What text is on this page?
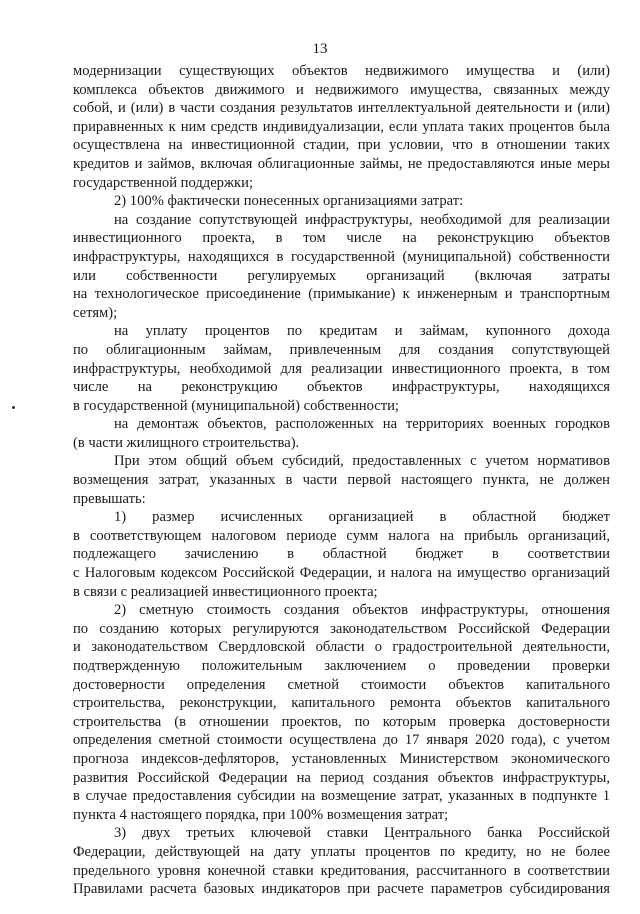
13
модернизации существующих объектов недвижимого имущества и (или)
комплекса объектов движимого и недвижимого имущества, связанных между
собой, и (или) в части создания результатов интеллектуальной деятельности и (или)
приравненных к ним средств индивидуализации, если уплата таких процентов была
осуществлена на инвестиционной стадии, при условии, что в отношении таких
кредитов и займов, включая облигационные займы, не предоставляются иные меры
государственной поддержки;
2) 100% фактически понесенных организациями затрат:
на создание сопутствующей инфраструктуры, необходимой для реализации
инвестиционного проекта, в том числе на реконструкцию объектов
инфраструктуры, находящихся в государственной (муниципальной) собственности
или собственности регулируемых организаций (включая затраты
на технологическое присоединение (примыкание) к инженерным и транспортным
сетям);
на уплату процентов по кредитам и займам, купонного дохода
по облигационным займам, привлеченным для создания сопутствующей
инфраструктуры, необходимой для реализации инвестиционного проекта, в том
числе на реконструкцию объектов инфраструктуры, находящихся
в государственной (муниципальной) собственности;
на демонтаж объектов, расположенных на территориях военных городков
(в части жилищного строительства).
При этом общий объем субсидий, предоставленных с учетом нормативов
возмещения затрат, указанных в части первой настоящего пункта, не должен
превышать:
1) размер исчисленных организацией в областной бюджет
в соответствующем налоговом периоде сумм налога на прибыль организаций,
подлежащего зачислению в областной бюджет в соответствии
с Налоговым кодексом Российской Федерации, и налога на имущество организаций
в связи с реализацией инвестиционного проекта;
2) сметную стоимость создания объектов инфраструктуры, отношения
по созданию которых регулируются законодательством Российской Федерации
и законодательством Свердловской области о градостроительной деятельности,
подтвержденную положительным заключением о проведении проверки
достоверности определения сметной стоимости объектов капитального
строительства, реконструкции, капитального ремонта объектов капитального
строительства (в отношении проектов, по которым проверка достоверности
определения сметной стоимости осуществлена до 17 января 2020 года), с учетом
прогноза индексов-дефляторов, установленных Министерством экономического
развития Российской Федерации на период создания объектов инфраструктуры,
в случае предоставления субсидии на возмещение затрат, указанных в подпункте 1
пункта 4 настоящего порядка, при 100% возмещения затрат;
3) двух третьих ключевой ставки Центрального банка Российской
Федерации, действующей на дату уплаты процентов по кредиту, но не более
предельного уровня конечной ставки кредитования, рассчитанного в соответствии
Правилами расчета базовых индикаторов при расчете параметров субсидирования
